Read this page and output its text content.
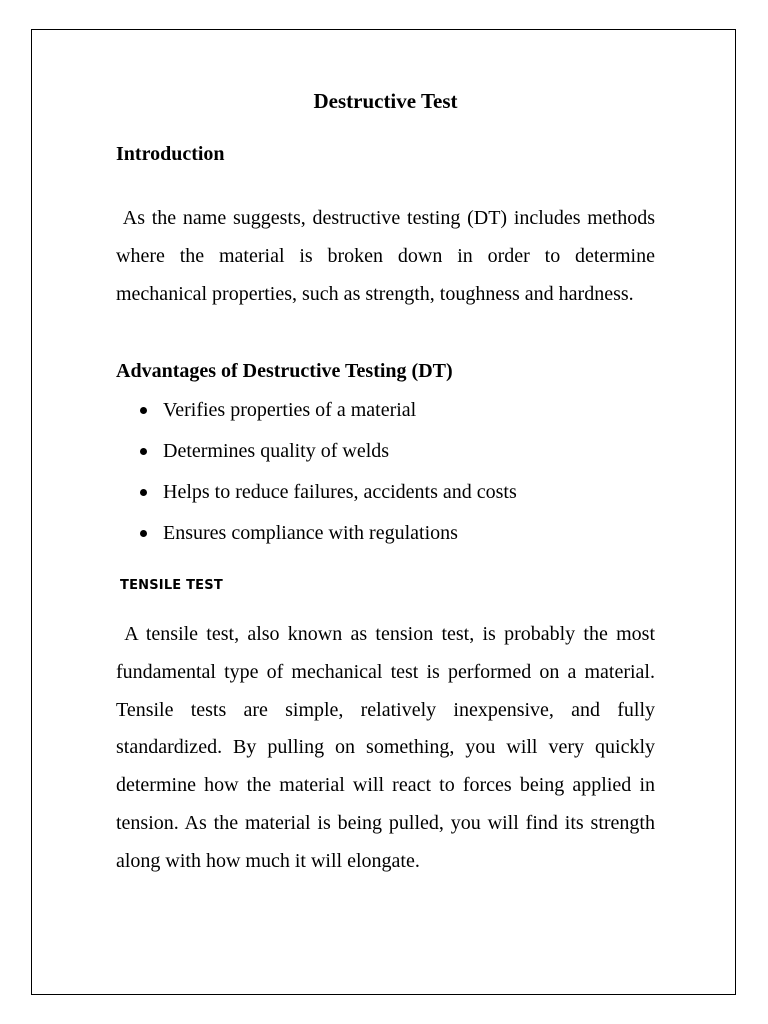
Destructive Test
Introduction

As the name suggests, destructive testing (DT) includes methods where the material is broken down in order to determine mechanical properties, such as strength, toughness and hardness.

Advantages of Destructive Testing (DT)
Verifies properties of a material
Determines quality of welds
Helps to reduce failures, accidents and costs
Ensures compliance with regulations
TENSILE TEST

A tensile test, also known as tension test, is probably the most fundamental type of mechanical test is performed on a material. Tensile tests are simple, relatively inexpensive, and fully standardized. By pulling on something, you will very quickly determine how the material will react to forces being applied in tension. As the material is being pulled, you will find its strength along with how much it will elongate.
